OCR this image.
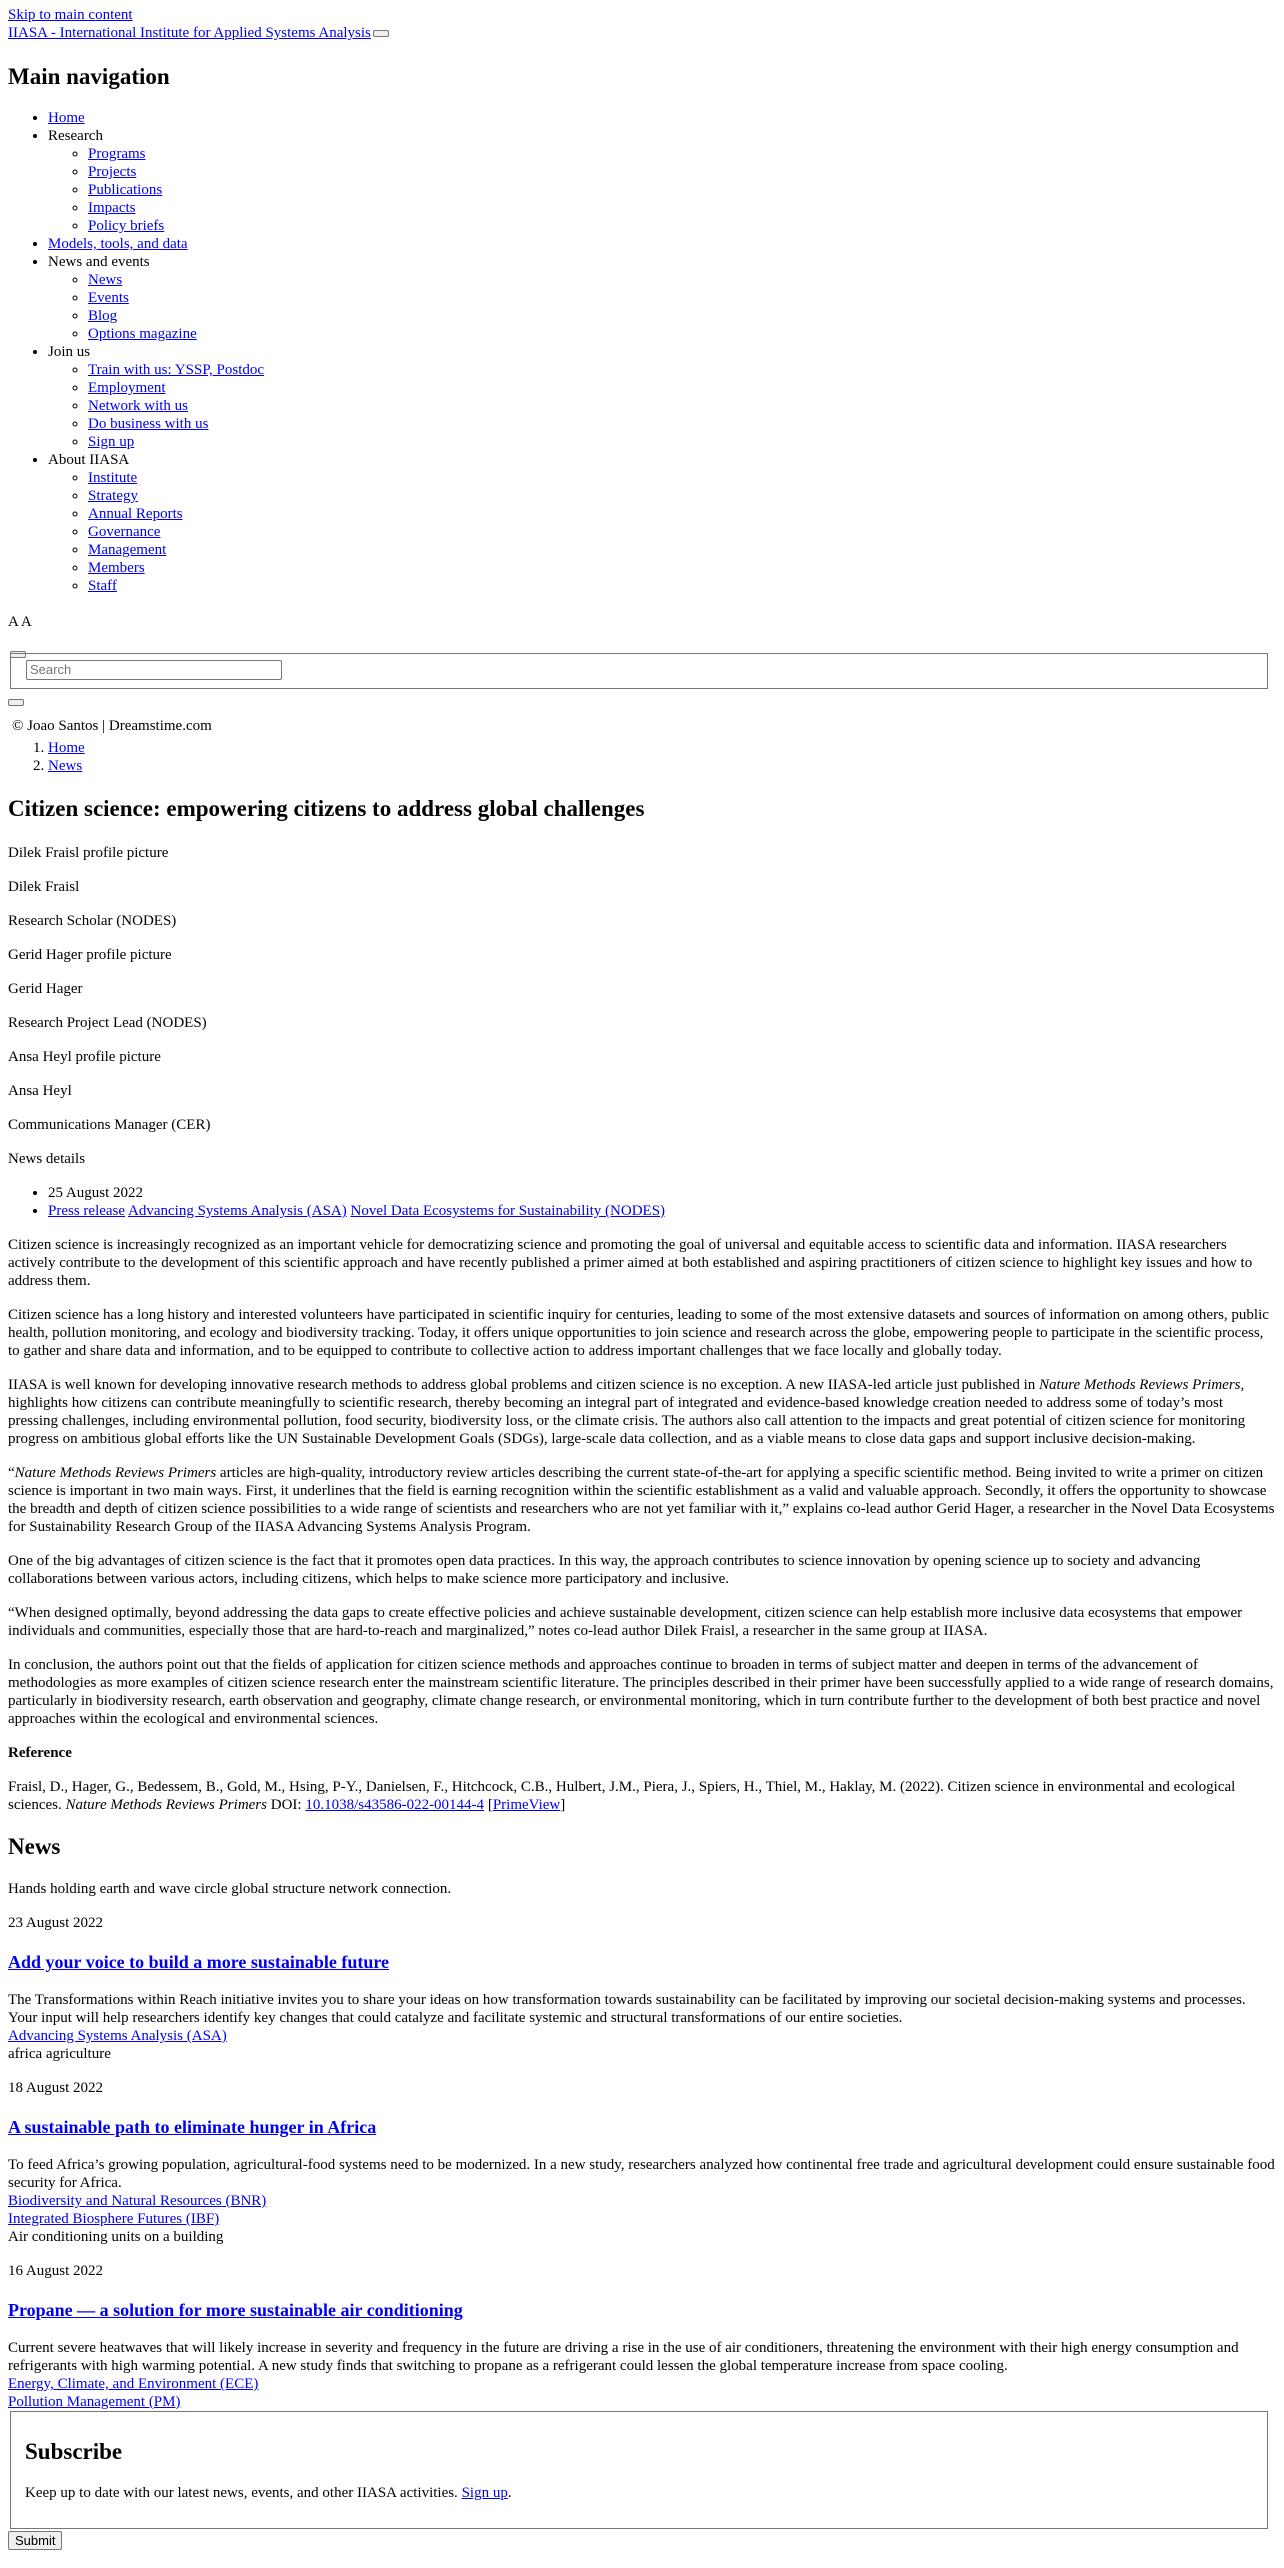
Skip to main content
IIASA - International Institute for Applied Systems Analysis
Main navigation
• Home
• Research
◦ Programs
◦ Projects
◦ Publications
◦ Impacts
◦ Policy briefs
• Models, tools, and data
• News and events
◦ News
◦ Events
◦ Blog
◦ Options magazine
• Join us
◦ Train with us: YSSP, Postdoc
◦ Employment
◦ Network with us
◦ Do business with us
◦ Sign up
• About IIASA
◦ Institute
◦ Strategy
◦ Annual Reports
◦ Governance
◦ Management
◦ Members
◦ Staff
A A
Search

© Joao Santos | Dreamstime.com
1. Home
2. News
Citizen science: empowering citizens to address global challenges

Dilek Fraisl profile picture

Dilek Fraisl

Research Scholar (NODES)

Gerid Hager profile picture

Gerid Hager

Research Project Lead (NODES)

Ansa Heyl profile picture

Ansa Heyl

Communications Manager (CER)

News details

• 25 August 2022
• Press release Advancing Systems Analysis (ASA) Novel Data Ecosystems for Sustainability (NODES)

Citizen science is increasingly recognized as an important vehicle for democratizing science and promoting the goal of universal and equitable access to scientific data and information. IIASA researchers actively contribute to the development of this scientific approach and have recently published a primer aimed at both established and aspiring practitioners of citizen science to highlight key issues and how to address them.

Citizen science has a long history and interested volunteers have participated in scientific inquiry for centuries, leading to some of the most extensive datasets and sources of information on among others, public health, pollution monitoring, and ecology and biodiversity tracking. Today, it offers unique opportunities to join science and research across the globe, empowering people to participate in the scientific process, to gather and share data and information, and to be equipped to contribute to collective action to address important challenges that we face locally and globally today.

IIASA is well known for developing innovative research methods to address global problems and citizen science is no exception. A new IIASA-led article just published in Nature Methods Reviews Primers, highlights how citizens can contribute meaningfully to scientific research, thereby becoming an integral part of integrated and evidence-based knowledge creation needed to address some of today’s most pressing challenges, including environmental pollution, food security, biodiversity loss, or the climate crisis. The authors also call attention to the impacts and great potential of citizen science for monitoring progress on ambitious global efforts like the UN Sustainable Development Goals (SDGs), large-scale data collection, and as a viable means to close data gaps and support inclusive decision-making.

“Nature Methods Reviews Primers articles are high-quality, introductory review articles describing the current state-of-the-art for applying a specific scientific method. Being invited to write a primer on citizen science is important in two main ways. First, it underlines that the field is earning recognition within the scientific establishment as a valid and valuable approach. Secondly, it offers the opportunity to showcase the breadth and depth of citizen science possibilities to a wide range of scientists and researchers who are not yet familiar with it,” explains co-lead author Gerid Hager, a researcher in the Novel Data Ecosystems for Sustainability Research Group of the IIASA Advancing Systems Analysis Program.

One of the big advantages of citizen science is the fact that it promotes open data practices. In this way, the approach contributes to science innovation by opening science up to society and advancing collaborations between various actors, including citizens, which helps to make science more participatory and inclusive.

“When designed optimally, beyond addressing the data gaps to create effective policies and achieve sustainable development, citizen science can help establish more inclusive data ecosystems that empower individuals and communities, especially those that are hard-to-reach and marginalized,” notes co-lead author Dilek Fraisl, a researcher in the same group at IIASA.

In conclusion, the authors point out that the fields of application for citizen science methods and approaches continue to broaden in terms of subject matter and deepen in terms of the advancement of methodologies as more examples of citizen science research enter the mainstream scientific literature. The principles described in their primer have been successfully applied to a wide range of research domains, particularly in biodiversity research, earth observation and geography, climate change research, or environmental monitoring, which in turn contribute further to the development of both best practice and novel approaches within the ecological and environmental sciences.

Reference

Fraisl, D., Hager, G., Bedessem, B., Gold, M., Hsing, P-Y., Danielsen, F., Hitchcock, C.B., Hulbert, J.M., Piera, J., Spiers, H., Thiel, M., Haklay, M. (2022). Citizen science in environmental and ecological sciences. Nature Methods Reviews Primers DOI: 10.1038/s43586-022-00144-4 [PrimeView]

News
Hands holding earth and wave circle global structure network connection.

23 August 2022

Add your voice to build a more sustainable future

The Transformations within Reach initiative invites you to share your ideas on how transformation towards sustainability can be facilitated by improving our societal decision-making systems and processes. Your input will help researchers identify key changes that could catalyze and facilitate systemic and structural transformations of our entire societies.

Advancing Systems Analysis (ASA)
africa agriculture

18 August 2022

A sustainable path to eliminate hunger in Africa

To feed Africa’s growing population, agricultural-food systems need to be modernized. In a new study, researchers analyzed how continental free trade and agricultural development could ensure sustainable food security for Africa.

Biodiversity and Natural Resources (BNR)
Integrated Biosphere Futures (IBF)
Air conditioning units on a building

16 August 2022

Propane — a solution for more sustainable air conditioning

Current severe heatwaves that will likely increase in severity and frequency in the future are driving a rise in the use of air conditioners, threatening the environment with their high energy consumption and refrigerants with high warming potential. A new study finds that switching to propane as a refrigerant could lessen the global temperature increase from space cooling.

Energy, Climate, and Environment (ECE)
Pollution Management (PM)
Subscribe

Keep up to date with our latest news, events, and other IIASA activities. Sign up.

Submit
